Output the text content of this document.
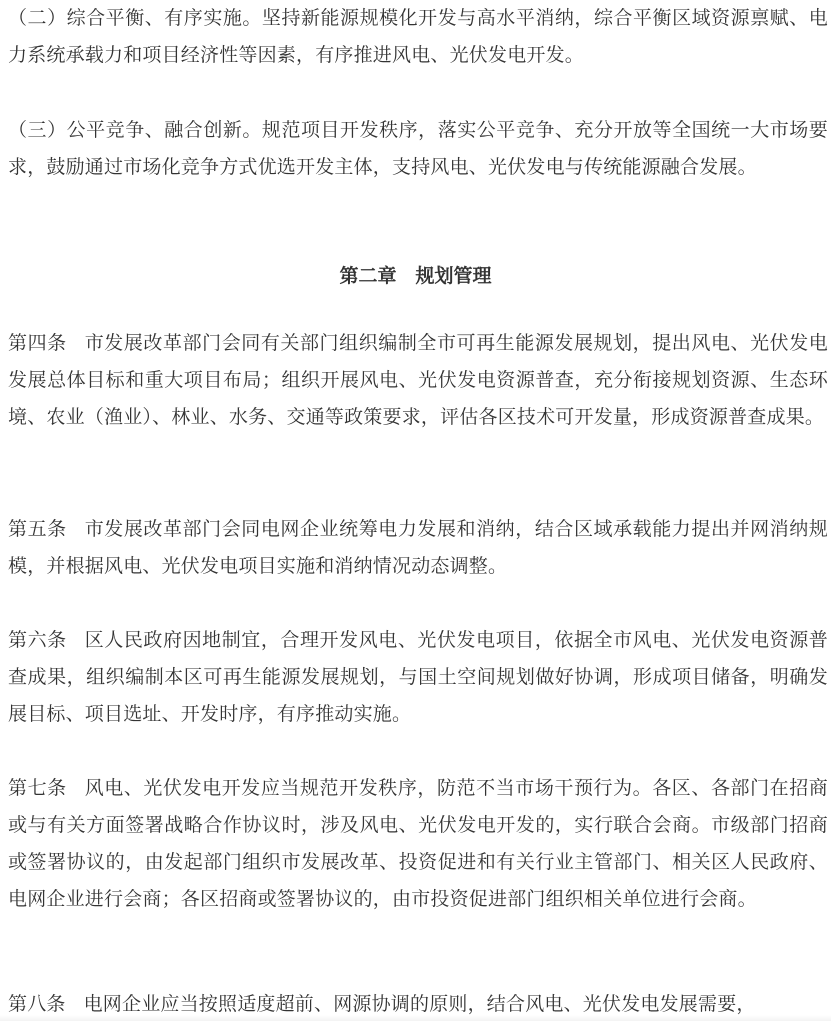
（二）综合平衡、有序实施。坚持新能源规模化开发与高水平消纳，综合平衡区域资源禀赋、电力系统承载力和项目经济性等因素，有序推进风电、光伏发电开发。

（三）公平竞争、融合创新。规范项目开发秩序，落实公平竞争、充分开放等全国统一大市场要求，鼓励通过市场化竞争方式优选开发主体，支持风电、光伏发电与传统能源融合发展。

第二章　规划管理

第四条 市发展改革部门会同有关部门组织编制全市可再生能源发展规划，提出风电、光伏发电发展总体目标和重大项目布局；组织开展风电、光伏发电资源普查，充分衔接规划资源、生态环境、农业（渔业）、林业、水务、交通等政策要求，评估各区技术可开发量，形成资源普查成果。

第五条 市发展改革部门会同电网企业统筹电力发展和消纳，结合区域承载能力提出并网消纳规模，并根据风电、光伏发电项目实施和消纳情况动态调整。

第六条 区人民政府因地制宜，合理开发风电、光伏发电项目，依据全市风电、光伏发电资源普查成果，组织编制本区可再生能源发展规划，与国土空间规划做好协调，形成项目储备，明确发展目标、项目选址、开发时序，有序推动实施。

第七条 风电、光伏发电开发应当规范开发秩序，防范不当市场干预行为。各区、各部门在招商或与有关方面签署战略合作协议时，涉及风电、光伏发电开发的，实行联合会商。市级部门招商或签署协议的，由发起部门组织市发展改革、投资促进和有关行业主管部门、相关区人民政府、电网企业进行会商；各区招商或签署协议的，由市投资促进部门组织相关单位进行会商。

第八条 电网企业应当按照适度超前、网源协调的原则，结合风电、光伏发电发展需要，
